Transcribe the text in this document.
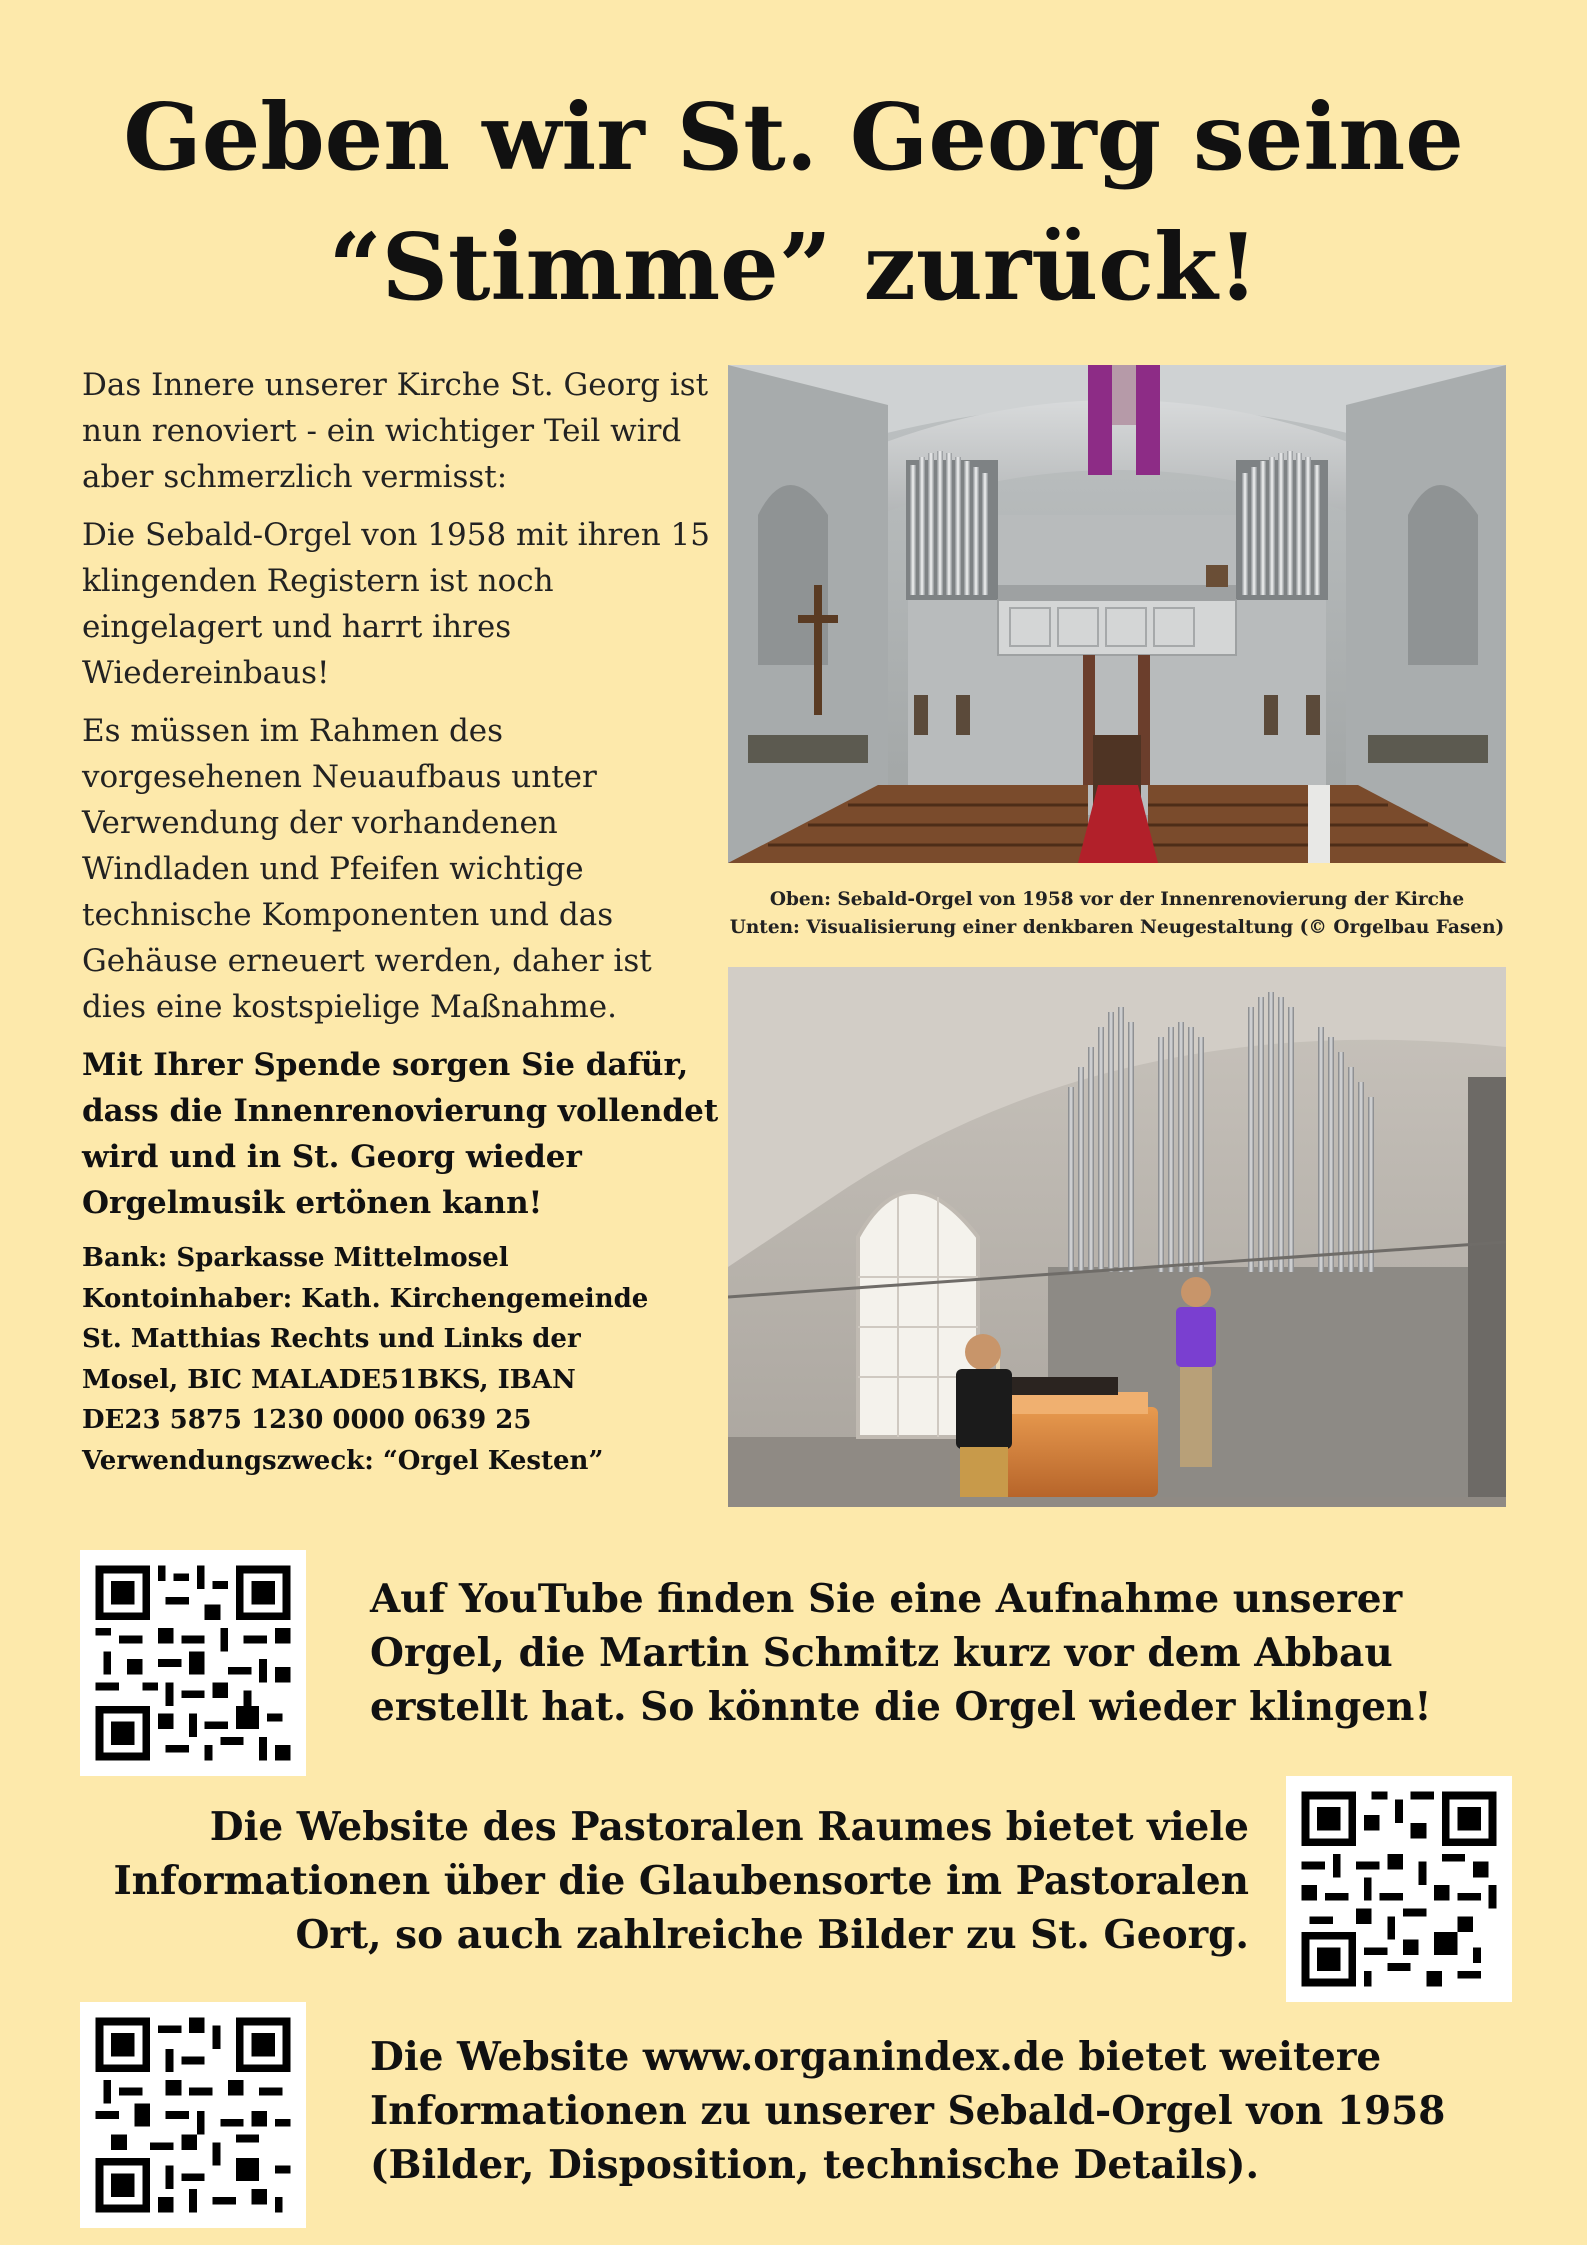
Geben wir St. Georg seine
“Stimme” zurück!

Das Innere unserer Kirche St. Georg ist nun renoviert - ein wichtiger Teil wird aber schmerzlich vermisst:

Die Sebald-Orgel von 1958 mit ihren 15 klingenden Registern ist noch eingelagert und harrt ihres Wiedereinbaus!

Es müssen im Rahmen des vorgesehenen Neuaufbaus unter Verwendung der vorhandenen Windladen und Pfeifen wichtige technische Komponenten und das Gehäuse erneuert werden, daher ist dies eine kostspielige Maßnahme.

Mit Ihrer Spende sorgen Sie dafür, dass die Innenrenovierung vollendet wird und in St. Georg wieder Orgelmusik ertönen kann!

Bank: Sparkasse Mittelmosel
Kontoinhaber: Kath. Kirchengemeinde
St. Matthias Rechts und Links der
Mosel, BIC MALADE51BKS, IBAN
DE23 5875 1230 0000 0639 25
Verwendungszweck: “Orgel Kesten”
Oben: Sebald-Orgel von 1958 vor der Innenrenovierung der Kirche
Unten: Visualisierung einer denkbaren Neugestaltung (© Orgelbau Fasen)
Auf YouTube finden Sie eine Aufnahme unserer
Orgel, die Martin Schmitz kurz vor dem Abbau
erstellt hat. So könnte die Orgel wieder klingen!
Die Website des Pastoralen Raumes bietet viele
Informationen über die Glaubensorte im Pastoralen
Ort, so auch zahlreiche Bilder zu St. Georg.
Die Website www.organindex.de bietet weitere
Informationen zu unserer Sebald-Orgel von 1958
(Bilder, Disposition, technische Details).
